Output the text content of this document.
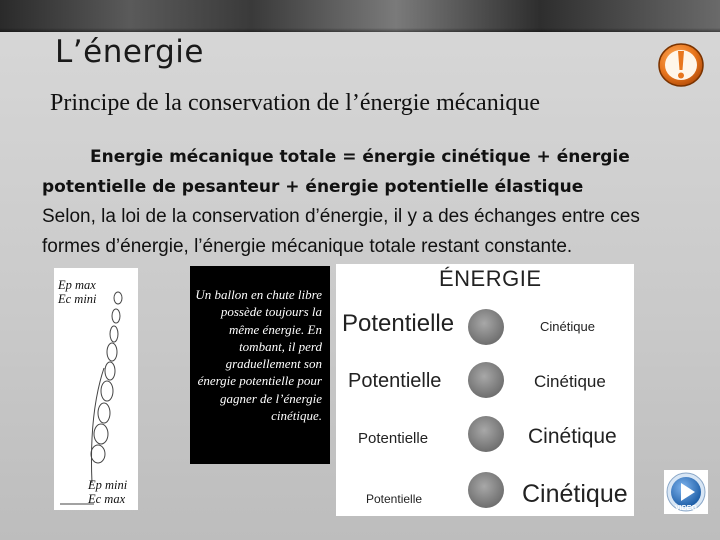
L’énergie
Principe de la conservation de l’énergie mécanique
Energie mécanique totale = énergie cinétique + énergie potentielle de pesanteur + énergie potentielle élastique
Selon, la loi de la conservation d’énergie, il y a des échanges entre ces formes d’énergie, l’énergie mécanique totale restant constante.
Ep max
Ec mini
Ep mini
Ec max
Un ballon en chute libre possède toujours la même énergie. En tombant, il perd graduellement son énergie potentielle pour gagner de l’énergie cinétique.
ÉNERGIE
Potentielle	Cinétique
Potentielle	Cinétique
Potentielle	Cinétique
Potentielle	Cinétique
VIDEO
